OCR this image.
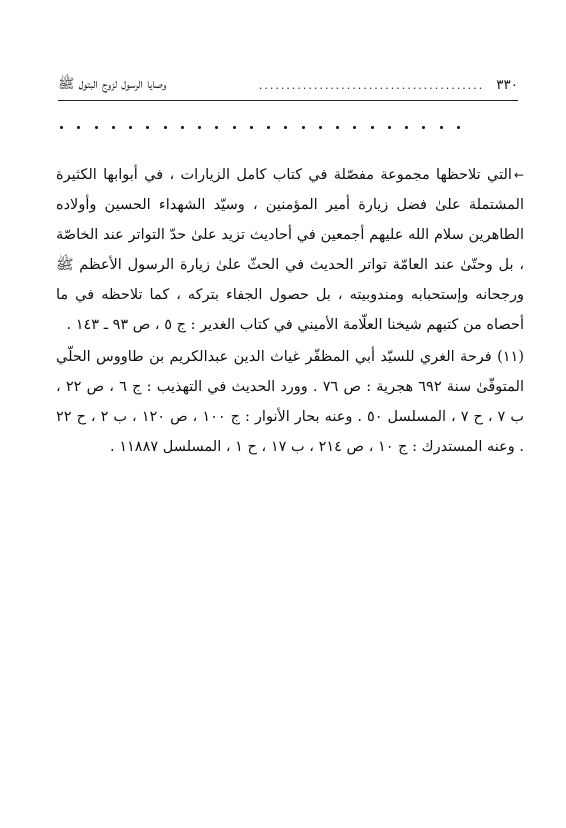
٣٣٠
.........................................
وصايا الرسول لزوج البتول ﷺ

←التي تلاحظها مجموعة مفصّلة في كتاب كامل الزيارات ، في أبوابها الكثيرة المشتملة علىٰ فضل زيارة أمير المؤمنين ، وسيّد الشهداء الحسين وأولاده الطاهرين سلام الله عليهم أجمعين في أحاديث تزيد علىٰ حدّ التواتر عند الخاصّة ، بل وحتّىٰ عند العامّة تواتر الحديث في الحثّ علىٰ زيارة الرسول الأعظم ﷺ ورجحانه وإستحبابه ومندوبيته ، بل حصول الجفاء بتركه ، كما تلاحظه في ما أحصاه من كتبهم شيخنا العلّامة الأميني في كتاب الغدير : ج ٥ ، ص ٩٣ ـ ١٤٣ .

(١١) فرحة الغري للسيّد أبي المظفّر غياث الدين عبدالكريم بن طاووس الحلّي المتوفّىٰ سنة ٦٩٢ هجرية : ص ٧٦ . وورد الحديث في التهذيب : ج ٦ ، ص ٢٢ ، ب ٧ ، ح ٧ ، المسلسل ٥٠ . وعنه بحار الأنوار : ج ١٠٠ ، ص ١٢٠ ، ب ٢ ، ح ٢٢ . وعنه المستدرك : ج ١٠ ، ص ٢١٤ ، ب ١٧ ، ح ١ ، المسلسل ١١٨٨٧ .
